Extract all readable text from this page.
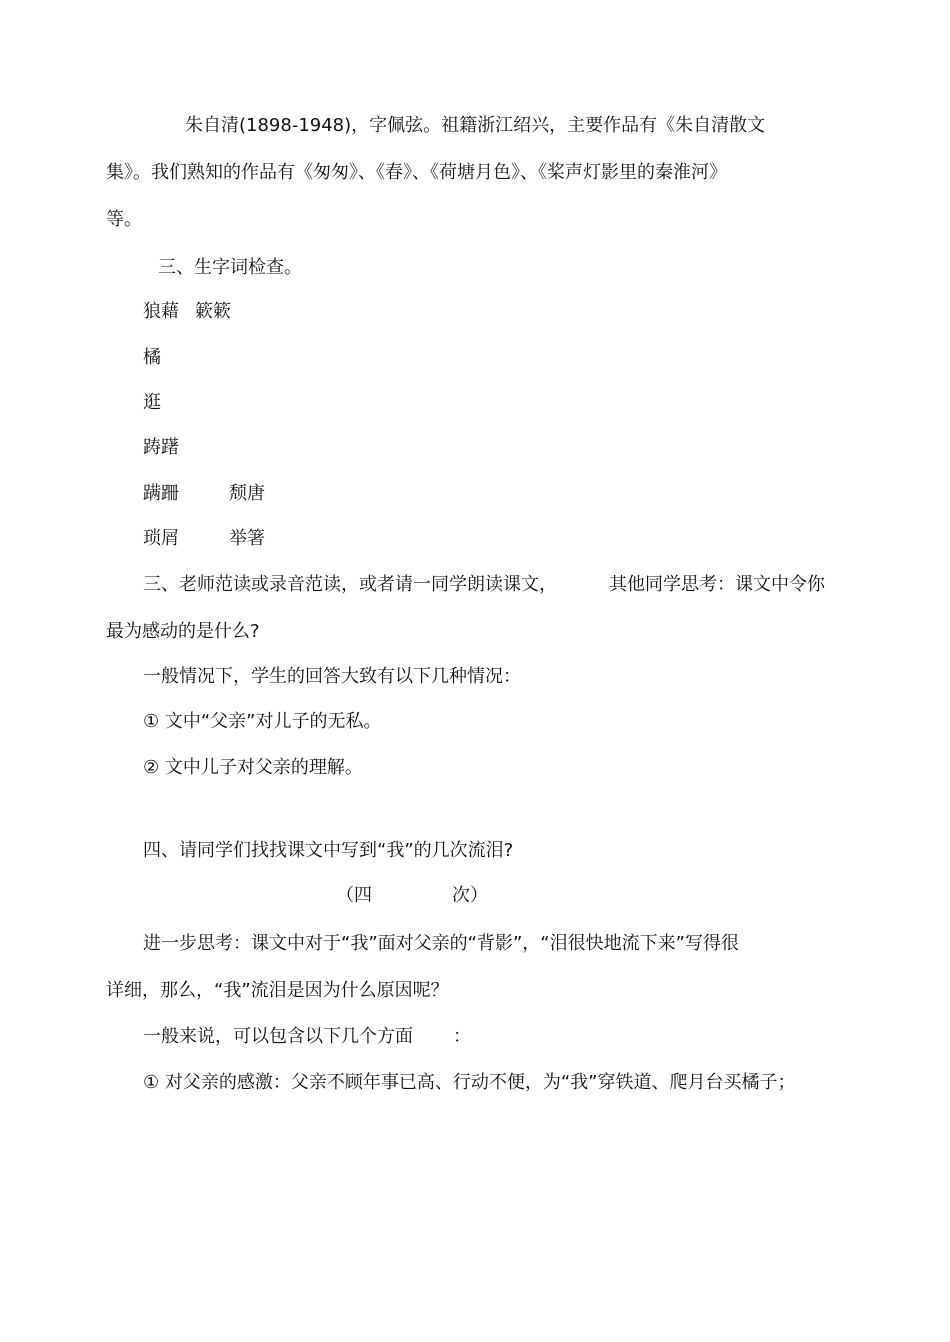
朱自清(1898-1948)，字佩弦。祖籍浙江绍兴，主要作品有《朱自清散文
集》。我们熟知的作品有《匆匆》、《春》、《荷塘月色》、《桨声灯影里的秦淮河》
等。
三、生字词检查。
狼藉 簌簌
橘
逛
踌躇
蹒跚	颓唐
琐屑	举箸
三、老师范读或录音范读，或者请一同学朗读课文，	其他同学思考：课文中令你
最为感动的是什么?
一般情况下，学生的回答大致有以下几种情况：
① 文中“父亲”对儿子的无私。
② 文中儿子对父亲的理解。
四、请同学们找找课文中写到“我”的几次流泪?
（四	次）
进一步思考：课文中对于“我”面对父亲的“背影”，“泪很快地流下来”写得很
详细，那么，“我”流泪是因为什么原因呢？
一般来说，可以包含以下几个方面 ：
① 对父亲的感激：父亲不顾年事已高、行动不便，为“我”穿铁道、爬月台买橘子；
